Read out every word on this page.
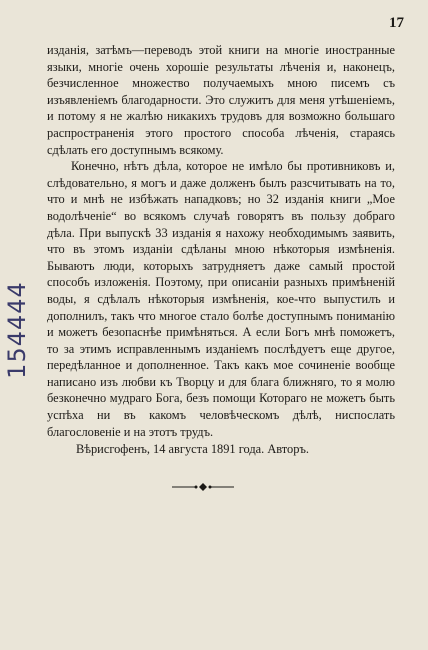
17
154444

изданія, затѣмъ—переводъ этой книги на многіе иностранные языки, многіе очень хорошіе результаты лѣченія и, наконецъ, безчисленное множество получаемыхъ мною писемъ съ изъявленіемъ благодарности. Это служитъ для меня утѣшеніемъ, и потому я не жалѣю никакихъ трудовъ для возможно большаго распространенія этого простого способа лѣченія, стараясь сдѣлать его доступнымъ всякому.

Конечно, нѣтъ дѣла, которое не имѣло бы противниковъ и, слѣдовательно, я могъ и даже долженъ былъ разсчитывать на то, что и мнѣ не избѣжать нападковъ; но 32 изданія книги „Мое водолѣченіе“ во всякомъ случаѣ говорятъ въ пользу добраго дѣла. При выпускѣ 33 изданія я нахожу необходимымъ заявить, что въ этомъ изданіи сдѣланы мною нѣкоторыя измѣненія. Бываютъ люди, которыхъ затрудняетъ даже самый простой способъ изложенія. Поэтому, при описаніи разныхъ примѣненій воды, я сдѣлалъ нѣкоторыя измѣненія, кое-что выпустилъ и дополнилъ, такъ что многое стало болѣе доступнымъ пониманію и можетъ безопаснѣе примѣняться. А если Богъ мнѣ поможетъ, то за этимъ исправленнымъ изданіемъ послѣдуетъ еще другое, передѣланное и дополненное. Такъ какъ мое сочиненіе вообще написано изъ любви къ Творцу и для блага ближняго, то я молю безконечно мудраго Бога, безъ помощи Котораго не можетъ быть успѣха ни въ какомъ человѣческомъ дѣлѣ, ниспослать благословеніе и на этотъ трудъ.

Вѣрисгофенъ, 14 августа 1891 года. Авторъ.
